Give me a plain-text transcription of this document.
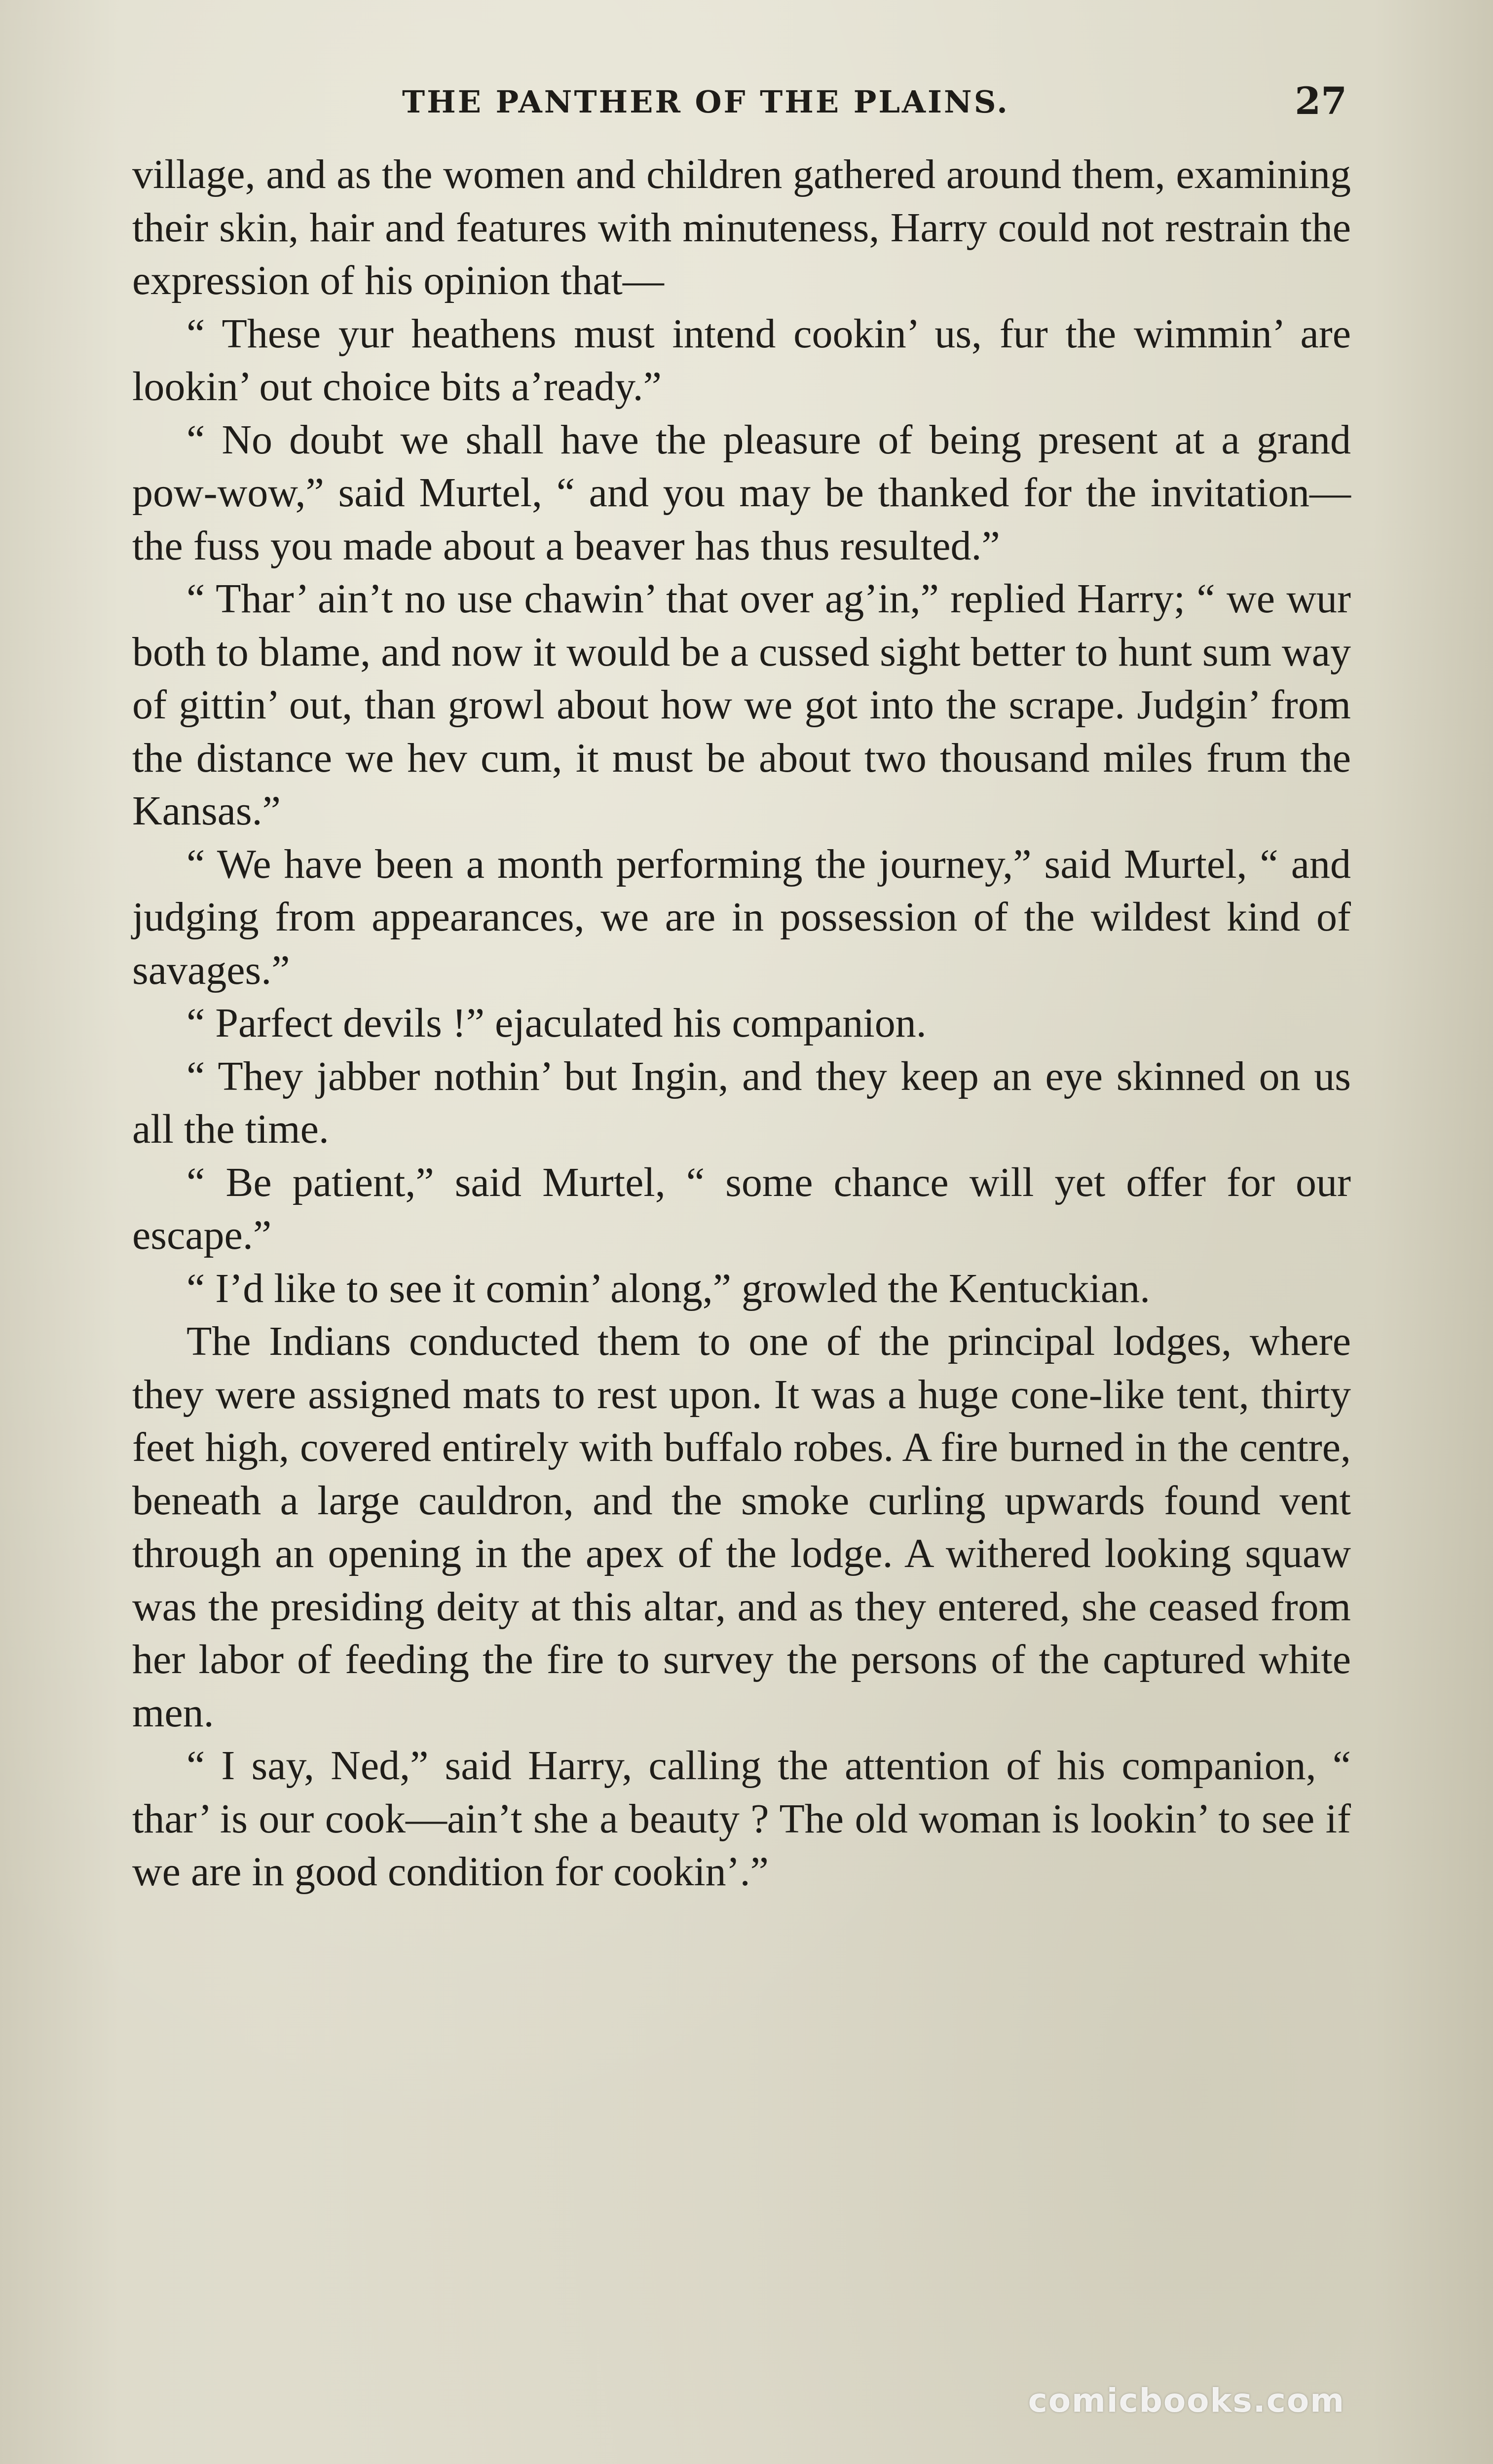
THE PANTHER OF THE PLAINS.	27

village, and as the women and children gathered around them, examining their skin, hair and features with minuteness, Harry could not restrain the expression of his opinion that—

“ These yur heathens must intend cookin’ us, fur the wimmin’ are lookin’ out choice bits a’ready.”

“ No doubt we shall have the pleasure of being present at a grand pow-wow,” said Murtel, “ and you may be thanked for the invitation—the fuss you made about a beaver has thus resulted.”

“ Thar’ ain’t no use chawin’ that over ag’in,” replied Harry; “ we wur both to blame, and now it would be a cussed sight better to hunt sum way of gittin’ out, than growl about how we got into the scrape. Judgin’ from the distance we hev cum, it must be about two thousand miles frum the Kansas.”

“ We have been a month performing the journey,” said Murtel, “ and judging from appearances, we are in possession of the wildest kind of savages.”

“ Parfect devils !” ejaculated his companion.

“ They jabber nothin’ but Ingin, and they keep an eye skinned on us all the time.

“ Be patient,” said Murtel, “ some chance will yet offer for our escape.”

“ I’d like to see it comin’ along,” growled the Kentuckian.

The Indians conducted them to one of the principal lodges, where they were assigned mats to rest upon. It was a huge cone-like tent, thirty feet high, covered entirely with buffalo robes. A fire burned in the centre, beneath a large cauldron, and the smoke curling upwards found vent through an opening in the apex of the lodge. A withered looking squaw was the presiding deity at this altar, and as they entered, she ceased from her labor of feeding the fire to survey the persons of the captured white men.

“ I say, Ned,” said Harry, calling the attention of his companion, “ thar’ is our cook—ain’t she a beauty ? The old woman is lookin’ to see if we are in good condition for cookin’.”

comicbooks.com
